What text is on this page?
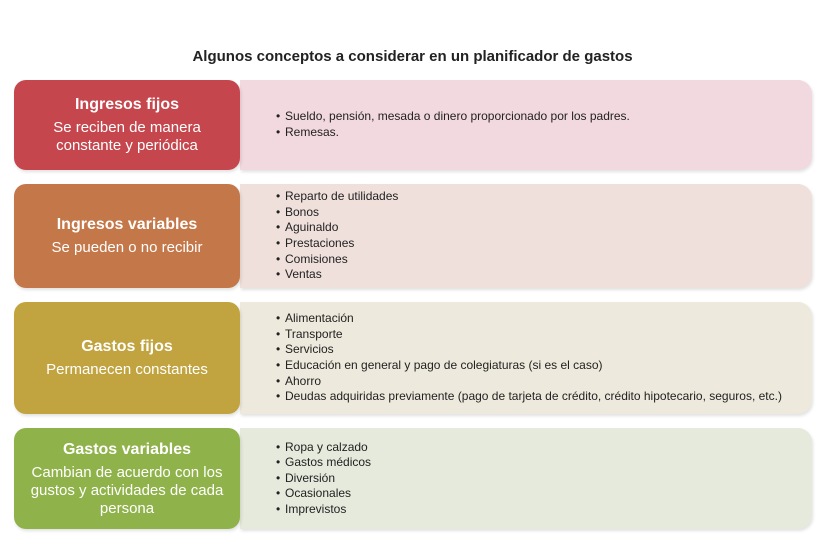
Algunos conceptos a considerar en un planificador de gastos
• Sueldo, pensión, mesada o dinero proporcionado por los padres.
• Remesas.
Ingresos fijos
Se reciben de manera constante y periódica
• Reparto de utilidades
• Bonos
• Aguinaldo
• Prestaciones
• Comisiones
• Ventas
Ingresos variables
Se pueden o no recibir
• Alimentación
• Transporte
• Servicios
• Educación en general y pago de colegiaturas (si es el caso)
• Ahorro
• Deudas adquiridas previamente (pago de tarjeta de crédito, crédito hipotecario, seguros, etc.)
Gastos fijos
Permanecen constantes
• Ropa y calzado
• Gastos médicos
• Diversión
• Ocasionales
• Imprevistos
Gastos variables
Cambian de acuerdo con los gustos y actividades de cada persona
